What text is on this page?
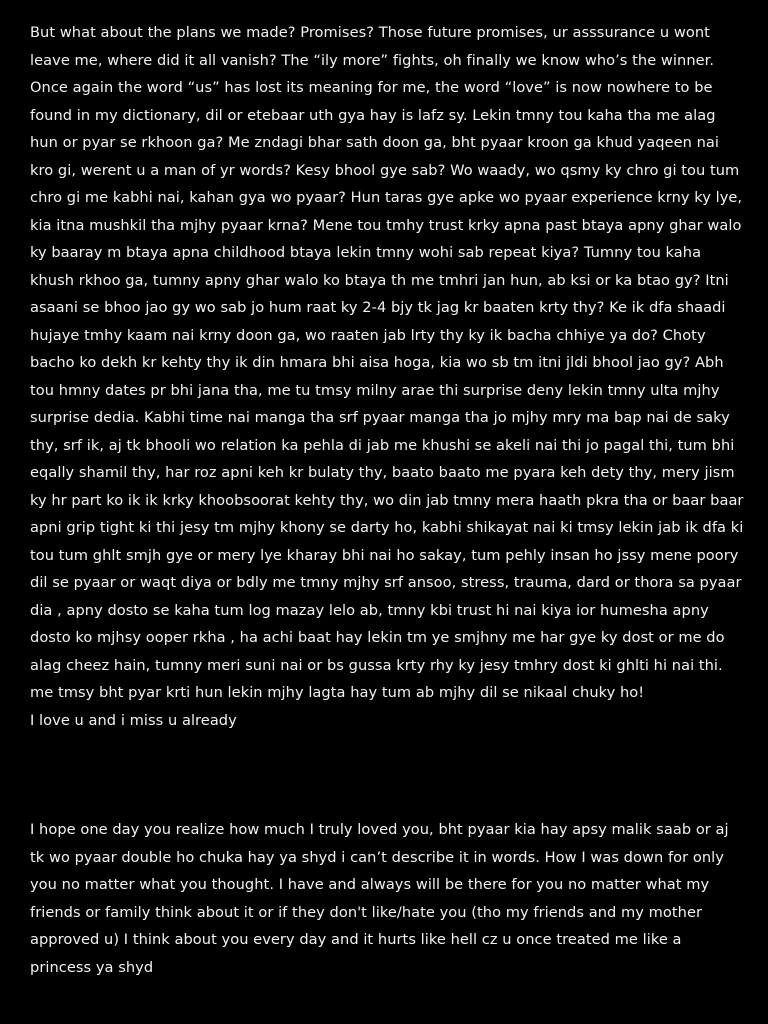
But what about the plans we made? Promises? Those future promises, ur asssurance u wont leave me, where did it all vanish? The “ily more” fights, oh finally we know who’s the winner. Once again the word “us” has lost its meaning for me, the word “love” is now nowhere to be found in my dictionary, dil or etebaar uth gya hay is lafz sy. Lekin tmny tou kaha tha me alag hun or pyar se rkhoon ga? Me zndagi bhar sath doon ga, bht pyaar kroon ga khud yaqeen nai kro gi, werent u a man of yr words? Kesy bhool gye sab? Wo waady, wo qsmy ky chro gi tou tum chro gi me kabhi nai, kahan gya wo pyaar? Hun taras gye apke wo pyaar experience krny ky lye, kia itna mushkil tha mjhy pyaar krna? Mene tou tmhy trust krky apna past btaya apny ghar walo ky baaray m btaya apna childhood btaya lekin tmny wohi sab repeat kiya? Tumny tou kaha khush rkhoo ga, tumny apny ghar walo ko btaya th me tmhri jan hun, ab ksi or ka btao gy? Itni asaani se bhoo jao gy wo sab jo hum raat ky 2-4 bjy tk jag kr baaten krty thy? Ke ik dfa shaadi hujaye tmhy kaam nai krny doon ga, wo raaten jab lrty thy ky ik bacha chhiye ya do? Choty bacho ko dekh kr kehty thy ik din hmara bhi aisa hoga, kia wo sb tm itni jldi bhool jao gy? Abh tou hmny dates pr bhi jana tha, me tu tmsy milny arae thi surprise deny lekin tmny ulta mjhy surprise dedia. Kabhi time nai manga tha srf pyaar manga tha jo mjhy mry ma bap nai de saky thy, srf ik, aj tk bhooli wo relation ka pehla di jab me khushi se akeli nai thi jo pagal thi, tum bhi eqally shamil thy, har roz apni keh kr bulaty thy, baato baato me pyara keh dety thy, mery jism ky hr part ko ik ik krky khoobsoorat kehty thy, wo din jab tmny mera haath pkra tha or baar baar apni grip tight ki thi jesy tm mjhy khony se darty ho, kabhi shikayat nai ki tmsy lekin jab ik dfa ki tou tum ghlt smjh gye or mery lye kharay bhi nai ho sakay, tum pehly insan ho jssy mene poory dil se pyaar or waqt diya or bdly me tmny mjhy srf ansoo, stress, trauma, dard or thora sa pyaar dia , apny dosto se kaha tum log mazay lelo ab, tmny kbi trust hi nai kiya ior humesha apny dosto ko mjhsy ooper rkha , ha achi baat hay lekin tm ye smjhny me har gye ky dost or me do alag cheez hain, tumny meri suni nai or bs gussa krty rhy ky jesy tmhry dost ki ghlti hi nai thi. me tmsy bht pyar krti hun lekin mjhy lagta hay tum ab mjhy dil se nikaal chuky ho!

I love u and i miss u already

I hope one day you realize how much I truly loved you, bht pyaar kia hay apsy malik saab or aj tk wo pyaar double ho chuka hay ya shyd i can’t describe it in words. How I was down for only you no matter what you thought. I have and always will be there for you no matter what my friends or family think about it or if they don't like/hate you (tho my friends and my mother approved u) I think about you every day and it hurts like hell cz u once treated me like a princess ya shyd
